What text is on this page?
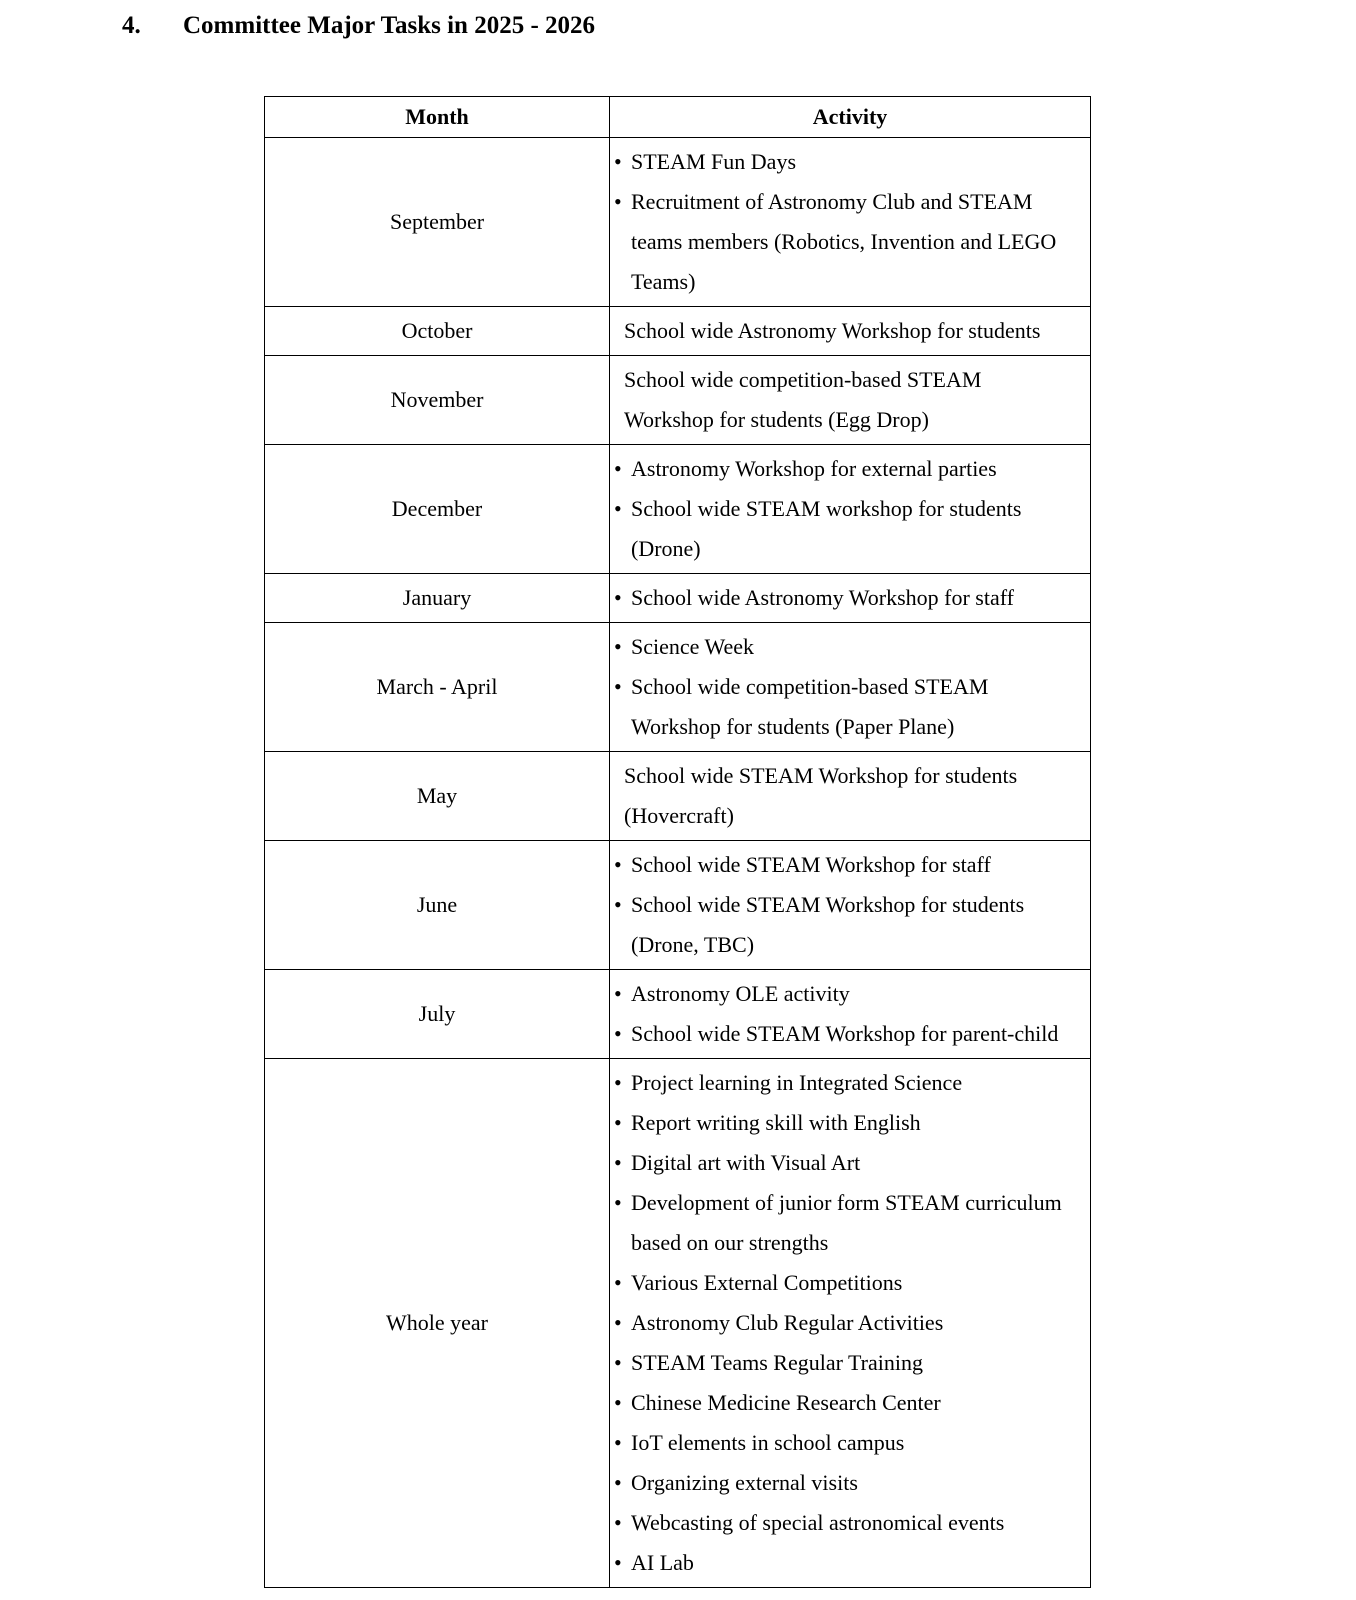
4.	Committee Major Tasks in 2025 - 2026
Month	Activity
September	• STEAM Fun Days
• Recruitment of Astronomy Club and STEAM teams members (Robotics, Invention and LEGO Teams)

October	School wide Astronomy Workshop for students

November	School wide competition-based STEAM Workshop for students (Egg Drop)

December	• Astronomy Workshop for external parties
• School wide STEAM workshop for students (Drone)

January	• School wide Astronomy Workshop for staff

March - April	• Science Week
• School wide competition-based STEAM Workshop for students (Paper Plane)

May	School wide STEAM Workshop for students (Hovercraft)

June	• School wide STEAM Workshop for staff
• School wide STEAM Workshop for students (Drone, TBC)

July	• Astronomy OLE activity
• School wide STEAM Workshop for parent-child

Whole year	
• Project learning in Integrated Science
• Report writing skill with English
• Digital art with Visual Art
• Development of junior form STEAM curriculum based on our strengths
• Various External Competitions
• Astronomy Club Regular Activities
• STEAM Teams Regular Training
• Chinese Medicine Research Center
• IoT elements in school campus
• Organizing external visits
• Webcasting of special astronomical events
• AI Lab
